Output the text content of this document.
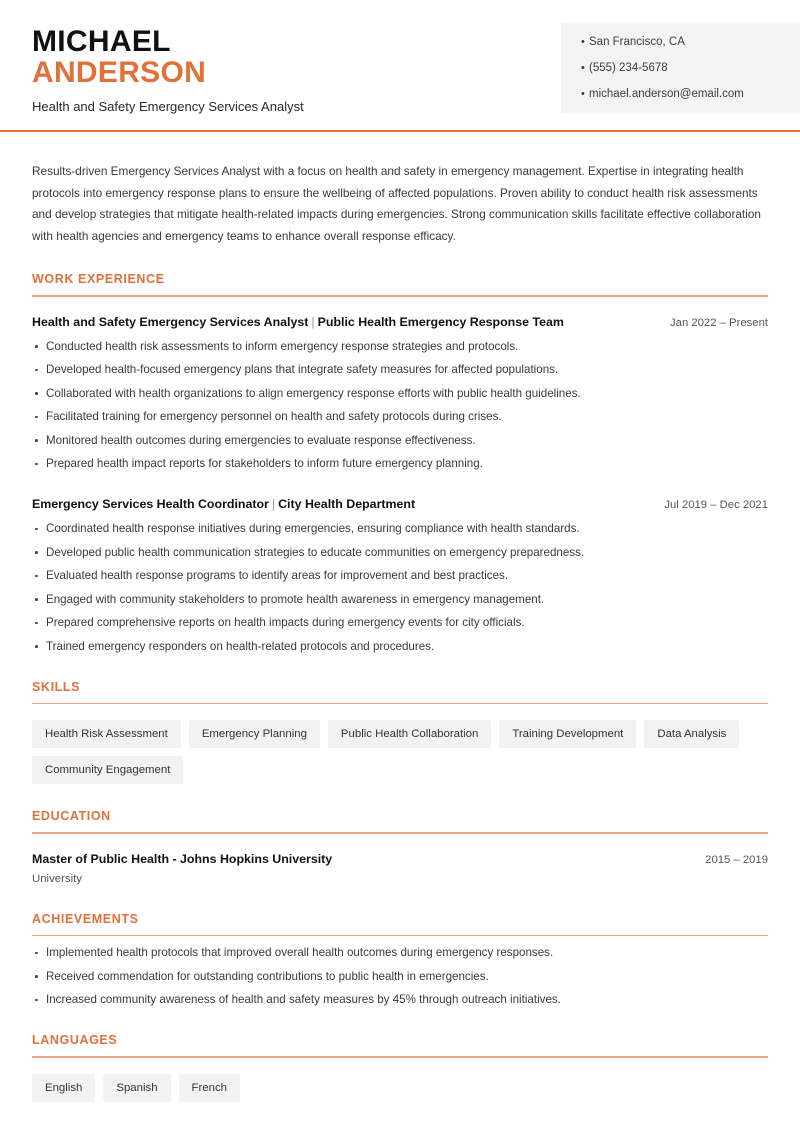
• San Francisco, CA
• (555) 234-5678
• michael.anderson@email.com
MICHAEL
ANDERSON
Health and Safety Emergency Services Analyst
Results-driven Emergency Services Analyst with a focus on health and safety in emergency management. Expertise in integrating health protocols into emergency response plans to ensure the wellbeing of affected populations. Proven ability to conduct health risk assessments and develop strategies that mitigate health-related impacts during emergencies. Strong communication skills facilitate effective collaboration with health agencies and emergency teams to enhance overall response efficacy.
WORK EXPERIENCE
Health and Safety Emergency Services Analyst | Public Health Emergency Response Team	Jan 2022 – Present
Conducted health risk assessments to inform emergency response strategies and protocols.
Developed health-focused emergency plans that integrate safety measures for affected populations.
Collaborated with health organizations to align emergency response efforts with public health guidelines.
Facilitated training for emergency personnel on health and safety protocols during crises.
Monitored health outcomes during emergencies to evaluate response effectiveness.
Prepared health impact reports for stakeholders to inform future emergency planning.
Emergency Services Health Coordinator | City Health Department	Jul 2019 – Dec 2021
Coordinated health response initiatives during emergencies, ensuring compliance with health standards.
Developed public health communication strategies to educate communities on emergency preparedness.
Evaluated health response programs to identify areas for improvement and best practices.
Engaged with community stakeholders to promote health awareness in emergency management.
Prepared comprehensive reports on health impacts during emergency events for city officials.
Trained emergency responders on health-related protocols and procedures.
SKILLS
Health Risk Assessment	Emergency Planning	Public Health Collaboration	Training Development	Data Analysis
Community Engagement
EDUCATION
Master of Public Health - Johns Hopkins University	2015 – 2019
University
ACHIEVEMENTS
Implemented health protocols that improved overall health outcomes during emergency responses.
Received commendation for outstanding contributions to public health in emergencies.
Increased community awareness of health and safety measures by 45% through outreach initiatives.
LANGUAGES
English	Spanish	French
